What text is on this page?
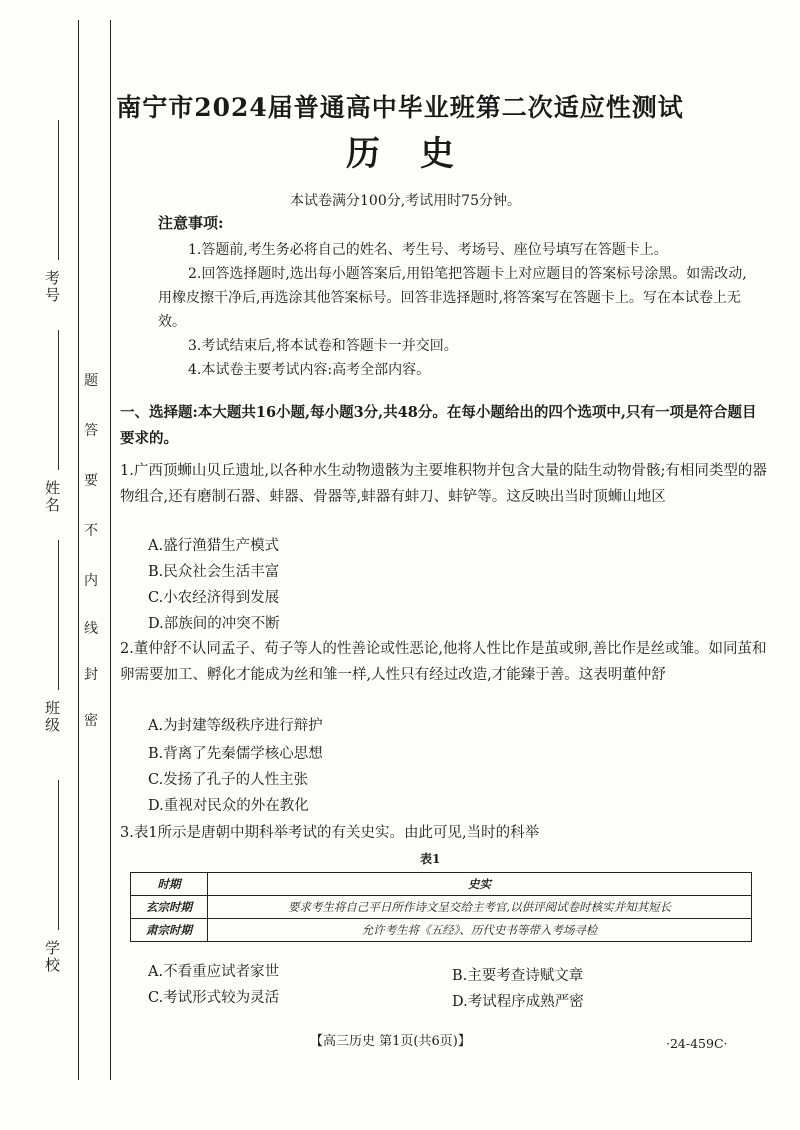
考号
姓名
班级
学校
密
封
线
内
不
要
答
题
南宁市2024届普通高中毕业班第二次适应性测试
历史
本试卷满分100分,考试用时75分钟。
注意事项:
1.答题前,考生务必将自己的姓名、考生号、考场号、座位号填写在答题卡上。
2.回答选择题时,选出每小题答案后,用铅笔把答题卡上对应题目的答案标号涂黑。如需改动,用橡皮擦干净后,再选涂其他答案标号。回答非选择题时,将答案写在答题卡上。写在本试卷上无效。
3.考试结束后,将本试卷和答题卡一并交回。
4.本试卷主要考试内容:高考全部内容。
一、选择题:本大题共16小题,每小题3分,共48分。在每小题给出的四个选项中,只有一项是符合题目要求的。
1.广西顶蛳山贝丘遗址,以各种水生动物遗骸为主要堆积物并包含大量的陆生动物骨骸;有相同类型的器物组合,还有磨制石器、蚌器、骨器等,蚌器有蚌刀、蚌铲等。这反映出当时顶蛳山地区
A.盛行渔猎生产模式
B.民众社会生活丰富
C.小农经济得到发展
D.部族间的冲突不断
2.董仲舒不认同孟子、荀子等人的性善论或性恶论,他将人性比作是茧或卵,善比作是丝或雏。如同茧和卵需要加工、孵化才能成为丝和雏一样,人性只有经过改造,才能臻于善。这表明董仲舒
A.为封建等级秩序进行辩护
B.背离了先秦儒学核心思想
C.发扬了孔子的人性主张
D.重视对民众的外在教化
3.表1所示是唐朝中期科举考试的有关史实。由此可见,当时的科举
表1
时期	史实
玄宗时期	要求考生将自己平日所作诗文呈交给主考官,以供评阅试卷时核实并知其短长
肃宗时期	允许考生将《五经》、历代史书等带入考场寻检
A.不看重应试者家世	B.主要考查诗赋文章
C.考试形式较为灵活	D.考试程序成熟严密
【高三历史 第1页(共6页)】	·24-459C·
